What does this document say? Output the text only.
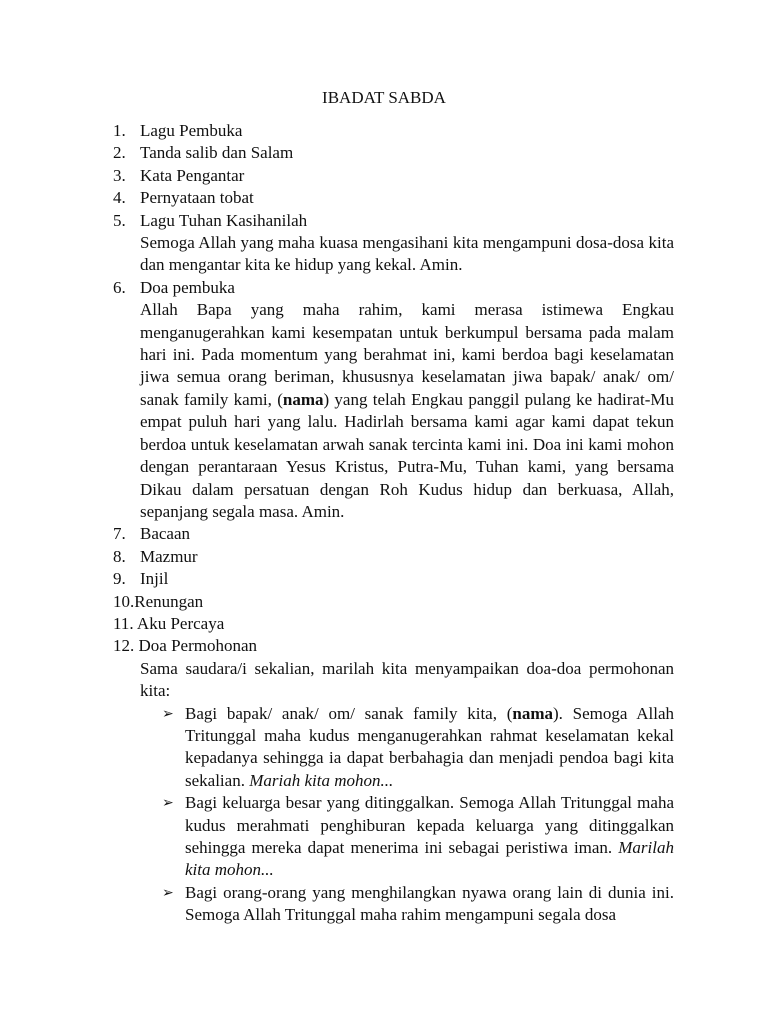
IBADAT SABDA
1. Lagu Pembuka
2. Tanda salib dan Salam
3. Kata Pengantar
4. Pernyataan tobat
5. Lagu Tuhan Kasihanilah
Semoga Allah yang maha kuasa mengasihani kita mengampuni dosa-dosa kita dan mengantar kita ke hidup yang kekal. Amin.
6. Doa pembuka
Allah Bapa yang maha rahim, kami merasa istimewa Engkau menganugerahkan kami kesempatan untuk berkumpul bersama pada malam hari ini. Pada momentum yang berahmat ini, kami berdoa bagi keselamatan jiwa semua orang beriman, khususnya keselamatan jiwa bapak/ anak/ om/ sanak family kami, (nama) yang telah Engkau panggil pulang ke hadirat-Mu empat puluh hari yang lalu. Hadirlah bersama kami agar kami dapat tekun berdoa untuk keselamatan arwah sanak tercinta kami ini. Doa ini kami mohon dengan perantaraan Yesus Kristus, Putra-Mu, Tuhan kami, yang bersama Dikau dalam persatuan dengan Roh Kudus hidup dan berkuasa, Allah, sepanjang segala masa. Amin.
7. Bacaan
8. Mazmur
9. Injil
10.Renungan
11. Aku Percaya
12. Doa Permohonan
Sama saudara/i sekalian, marilah kita menyampaikan doa-doa permohonan kita:
➢ Bagi bapak/ anak/ om/ sanak family kita, (nama). Semoga Allah Tritunggal maha kudus menganugerahkan rahmat keselamatan kekal kepadanya sehingga ia dapat berbahagia dan menjadi pendoa bagi kita sekalian. Mariah kita mohon...
➢ Bagi keluarga besar yang ditinggalkan. Semoga Allah Tritunggal maha kudus merahmati penghiburan kepada keluarga yang ditinggalkan sehingga mereka dapat menerima ini sebagai peristiwa iman. Marilah kita mohon...
➢ Bagi orang-orang yang menghilangkan nyawa orang lain di dunia ini. Semoga Allah Tritunggal maha rahim mengampuni segala dosa
